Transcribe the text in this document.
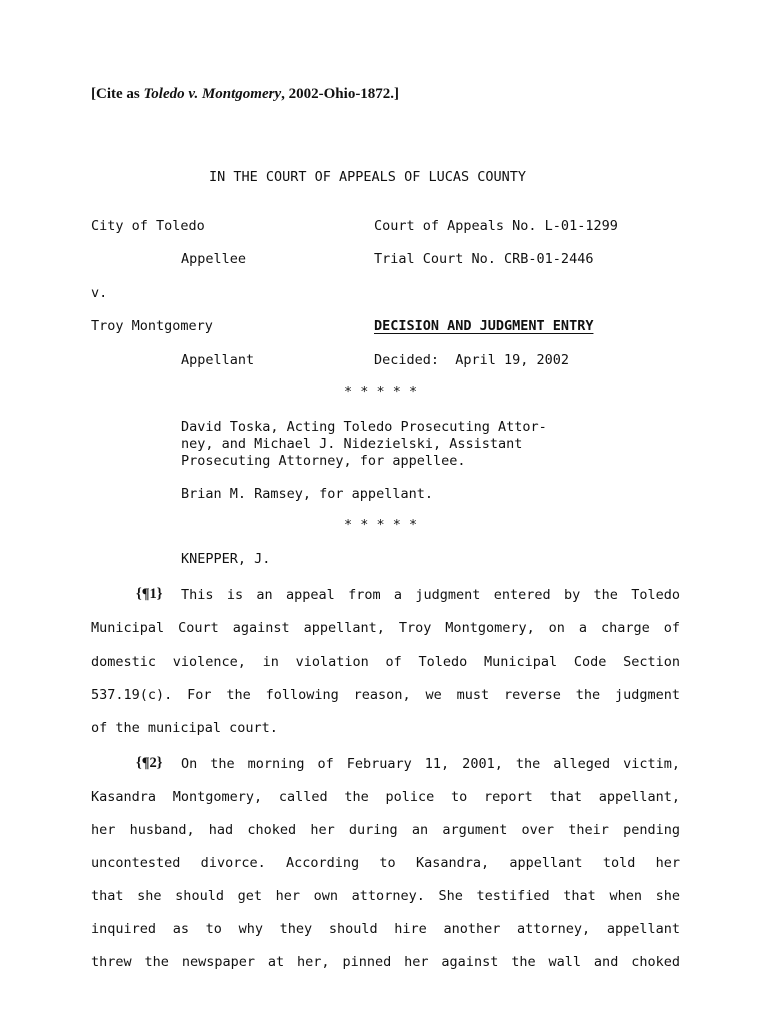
[Cite as Toledo v. Montgomery, 2002-Ohio-1872.]
IN THE COURT OF APPEALS OF LUCAS COUNTY
City of Toledo
Appellee
v.
Troy Montgomery
Appellant
Court of Appeals No. L-01-1299
Trial Court No. CRB-01-2446
DECISION AND JUDGMENT ENTRY
Decided:  April 19, 2002
* * * * *
David Toska, Acting Toledo Prosecuting Attor-
ney, and Michael J. Nidezielski, Assistant
Prosecuting Attorney, for appellee.
Brian M. Ramsey, for appellant.
* * * * *
KNEPPER, J.
{¶1} This is an appeal from a judgment entered by the Toledo
Municipal Court against appellant, Troy Montgomery, on a charge of
domestic violence, in violation of Toledo Municipal Code Section
537.19(c). For the following reason, we must reverse the judgment
of the municipal court.
{¶2} On the morning of February 11, 2001, the alleged victim,
Kasandra Montgomery, called the police to report that appellant,
her husband, had choked her during an argument over their pending
uncontested divorce. According to Kasandra, appellant told her
that she should get her own attorney. She testified that when she
inquired as to why they should hire another attorney, appellant
threw the newspaper at her, pinned her against the wall and choked
